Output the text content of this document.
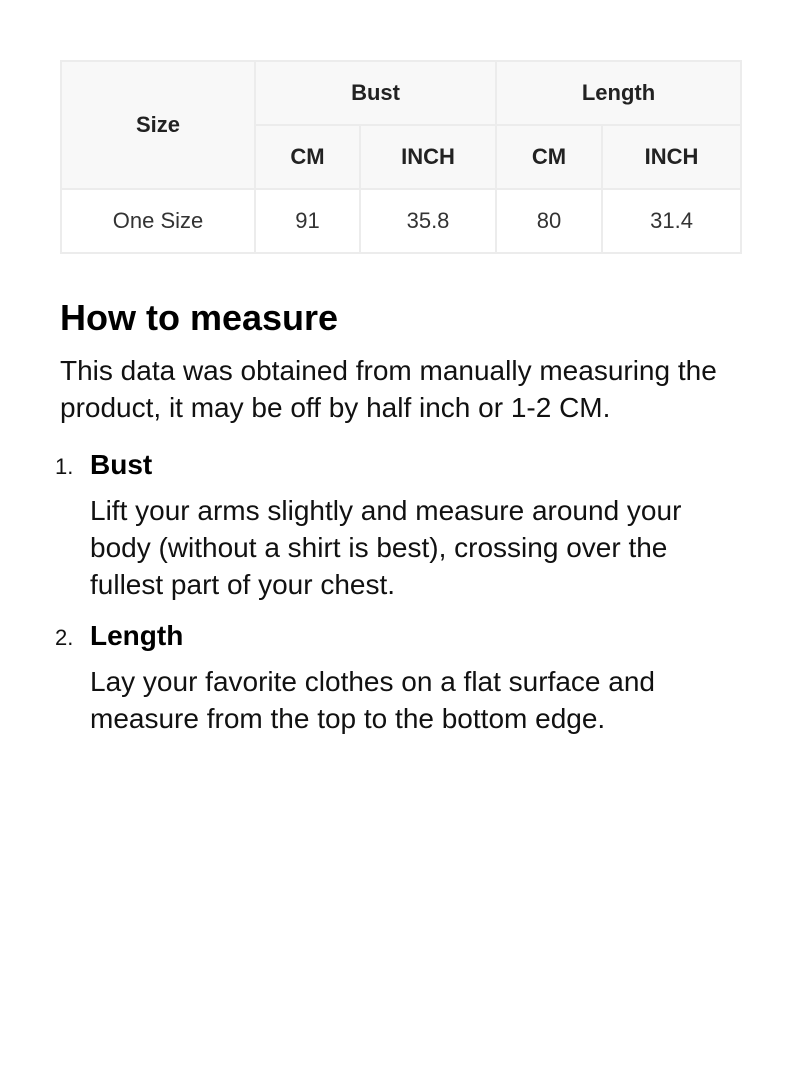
Size	Bust		Length	
	CM	INCH	CM	INCH
One Size	91	35.8	80	31.4
How to measure

This data was obtained from manually measuring the product, it may be off by half inch or 1-2 CM.

1. Bust
Lift your arms slightly and measure around your body (without a shirt is best), crossing over the fullest part of your chest.
2. Length
Lay your favorite clothes on a flat surface and measure from the top to the bottom edge.
